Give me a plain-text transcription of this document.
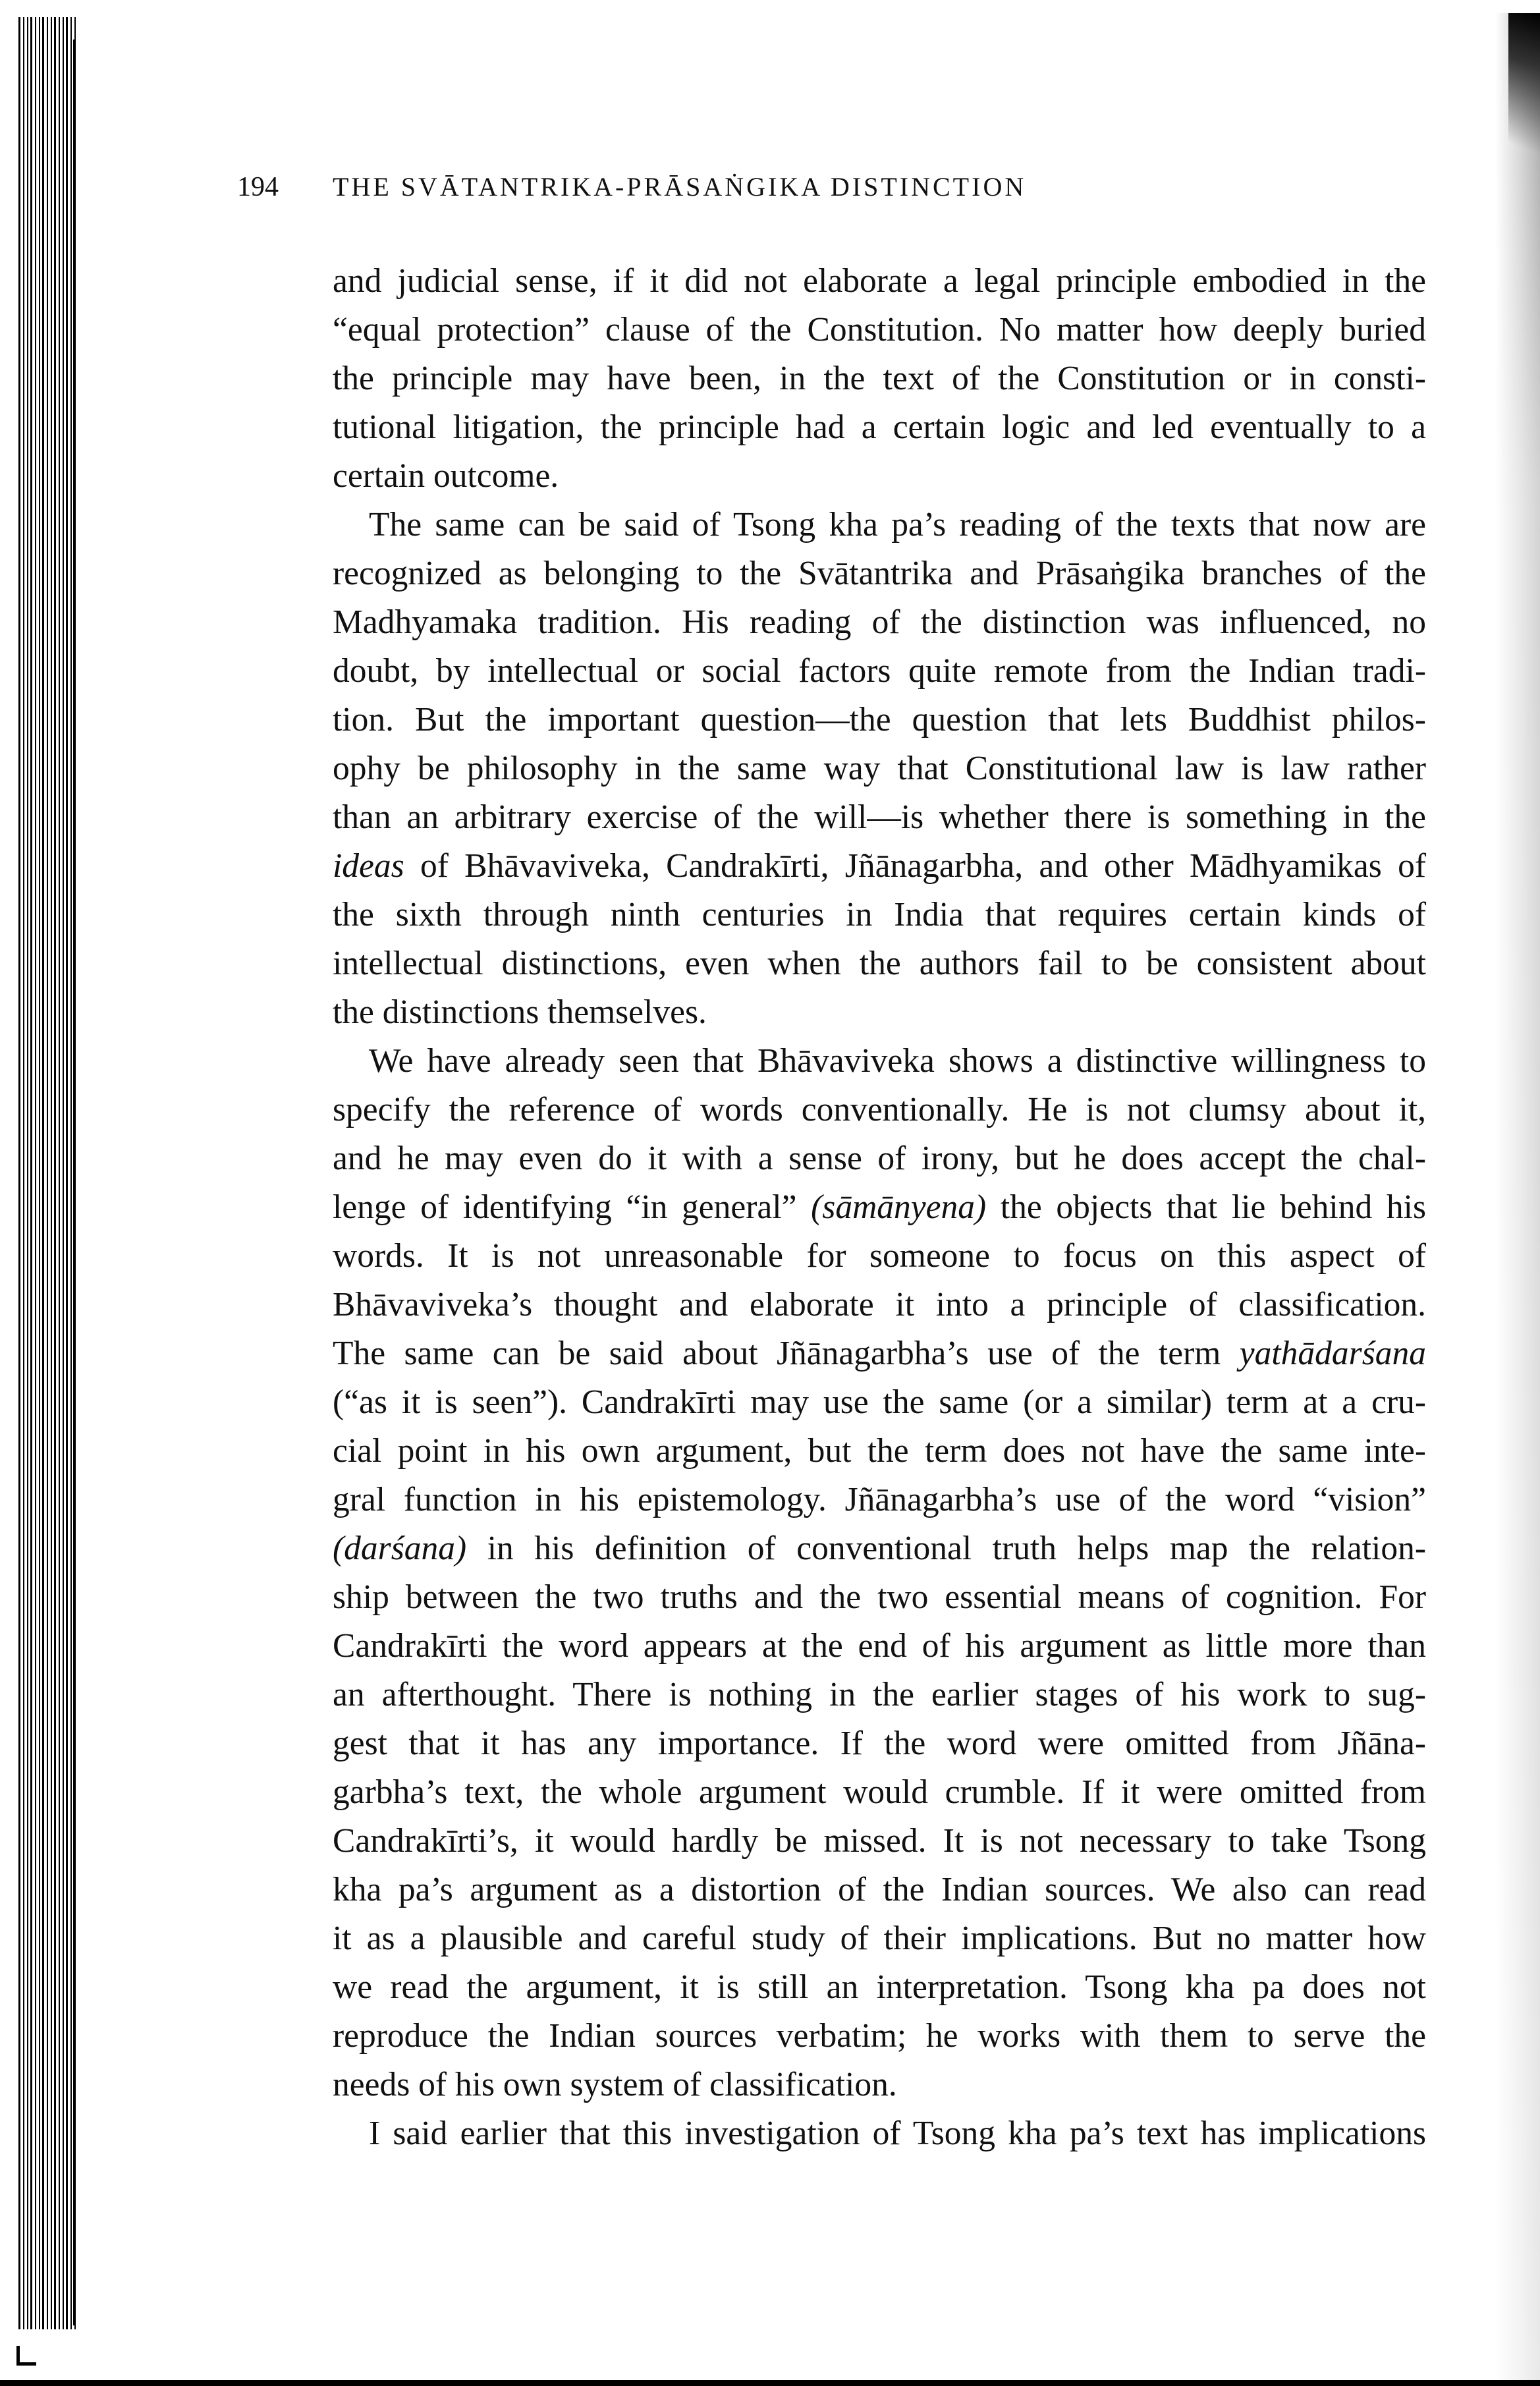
194	THE SVĀTANTRIKA-PRĀSAṄGIKA DISTINCTION
and judicial sense, if it did not elaborate a legal principle embodied in the
“equal protection” clause of the Constitution. No matter how deeply buried
the principle may have been, in the text of the Constitution or in consti-
tutional litigation, the principle had a certain logic and led eventually to a
certain outcome.
The same can be said of Tsong kha pa’s reading of the texts that now are
recognized as belonging to the Svātantrika and Prāsaṅgika branches of the
Madhyamaka tradition. His reading of the distinction was influenced, no
doubt, by intellectual or social factors quite remote from the Indian tradi-
tion. But the important question—the question that lets Buddhist philos-
ophy be philosophy in the same way that Constitutional law is law rather
than an arbitrary exercise of the will—is whether there is something in the
ideas of Bhāvaviveka, Candrakīrti, Jñānagarbha, and other Mādhyamikas of
the sixth through ninth centuries in India that requires certain kinds of
intellectual distinctions, even when the authors fail to be consistent about
the distinctions themselves.
We have already seen that Bhāvaviveka shows a distinctive willingness to
specify the reference of words conventionally. He is not clumsy about it,
and he may even do it with a sense of irony, but he does accept the chal-
lenge of identifying “in general” (sāmānyena) the objects that lie behind his
words. It is not unreasonable for someone to focus on this aspect of
Bhāvaviveka’s thought and elaborate it into a principle of classification.
The same can be said about Jñānagarbha’s use of the term yathādarśana
(“as it is seen”). Candrakīrti may use the same (or a similar) term at a cru-
cial point in his own argument, but the term does not have the same inte-
gral function in his epistemology. Jñānagarbha’s use of the word “vision”
(darśana) in his definition of conventional truth helps map the relation-
ship between the two truths and the two essential means of cognition. For
Candrakīrti the word appears at the end of his argument as little more than
an afterthought. There is nothing in the earlier stages of his work to sug-
gest that it has any importance. If the word were omitted from Jñāna-
garbha’s text, the whole argument would crumble. If it were omitted from
Candrakīrti’s, it would hardly be missed. It is not necessary to take Tsong
kha pa’s argument as a distortion of the Indian sources. We also can read
it as a plausible and careful study of their implications. But no matter how
we read the argument, it is still an interpretation. Tsong kha pa does not
reproduce the Indian sources verbatim; he works with them to serve the
needs of his own system of classification.
I said earlier that this investigation of Tsong kha pa’s text has implications
